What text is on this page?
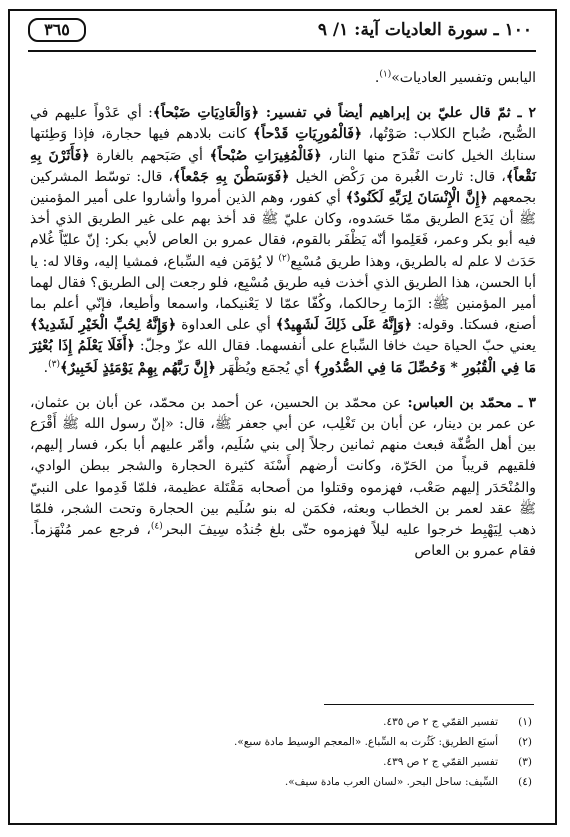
١٠٠ ـ سورة العاديات آية: ١/ ٩
٣٦٥

اليابس وتفسير العاديات»$^{(١)}$.

٢ ـ ثمّ قال عليّ بن إبراهيم أيضاً في تفسير: ﴿وَالْعَادِيَاتِ ضَبْحاً﴾: أي عَدْواً عليهم في الصُّبح، ضُباح الكلاب: صَوْتُها، ﴿فَالْمُورِيَاتِ قَدْحاً﴾ كانت بلادهم فيها حجارة، فإذا وَطِئتها سنابك الخيل كانت تَقْدَح منها النار، ﴿فَالْمُغِيرَاتِ صُبْحاً﴾ أي صَبَحهم بالغارة ﴿فَأَثَرْنَ بِهِ نَقْعاً﴾، قال: ثارت الغُبرة من رَكْض الخيل ﴿فَوَسَطْنَ بِهِ جَمْعاً﴾، قال: توسّط المشركين بجمعهم ﴿إِنَّ الْإِنْسَانَ لِرَبِّهِ لَكَنُودٌ﴾ أي كفور، وهم الذين أمروا وأشاروا على أمير المؤمنين ﷺ أن يَدَع الطريق ممّا حَسَدوه، وكان عليّ ﷺ قد أخذ بهم على غير الطريق الذي أخذ فيه أبو بكر وعمر، فَعَلِموا أنّه يَظْفَر بالقوم، فقال عمرو بن العاص لأبي بكر: إنّ عليّاً غُلام حَدَث لا علم له بالطريق، وهذا طريق مُسْبِع$^{(٢)}$ لا يُؤمَن فيه السِّباع، فمشيا إليه، وقالا له: يا أبا الحسن، هذا الطريق الذي أخذت فيه طريق مُسْبِع، فلو رجعت إلى الطريق؟ فقال لهما أمير المؤمنين ﷺ: الزَما رِحالكما، وكُفّا عمّا لا يَعْنيكما، واسمعا وأطيعا، فإنّي أعلم بما أصنع، فسكتا. وقوله: ﴿وَإِنَّهُ عَلَى ذَلِكَ لَشَهِيدٌ﴾ أي على العداوة ﴿وَإِنَّهُ لِحُبِّ الْخَيْرِ لَشَدِيدٌ﴾ يعني حبّ الحياة حيث خافا السِّباع على أنفسهما. فقال الله عزّ وجلّ: ﴿أَفَلَا يَعْلَمُ إِذَا بُعْثِرَ مَا فِي الْقُبُورِ * وَحُصِّلَ مَا فِي الصُّدُورِ﴾ أي يُجمَع ويُظْهَر ﴿إِنَّ رَبَّهُم بِهِمْ يَوْمَئِذٍ لَخَبِيرٌ﴾$^{(٣)}$.

٣ ـ محمّد بن العباس: عن محمّد بن الحسين، عن أحمد بن محمّد، عن أبان بن عثمان، عن عمر بن دينار، عن أبان بن تَغْلِب، عن أبي جعفر ﷺ، قال: «إنّ رسول الله ﷺ أَقْرَع بين أهل الصُّفّة فبعث منهم ثمانين رجلاً إلى بني سُلَيم، وأمّر عليهم أبا بكر، فسار إليهم، فلقيهم قريباً من الحَرّة، وكانت أرضهم أَسْنَة كثيرة الحجارة والشجر ببطن الوادي، والمُنْحَدَر إليهم صَعْب، فهزموه وقتلوا من أصحابه مَقْتَلة عظيمة، فلمّا قَدِموا على النبيّ ﷺ عقد لعمر بن الخطاب وبعثه، فكمَن له بنو سُلَيم بين الحجارة وتحت الشجر، فلمّا ذهب لِيَهْبِط خرجوا عليه ليلاً فهزموه حتّى بلغ جُندُه سِيفَ البحر$^{(٤)}$، فرجع عمر مُنْهَزماً. فقام عمرو بن العاص

(١)
تفسير القمّي ج ٢ ص ٤٣٥.
(٢)
أسبَع الطريق: كَثُرت به السِّباع. «المعجم الوسيط مادة سبع».
(٣)
تفسير القمّي ج ٢ ص ٤٣٩.
(٤)
السِّيف: ساحل البحر. «لسان العرب مادة سيف».
